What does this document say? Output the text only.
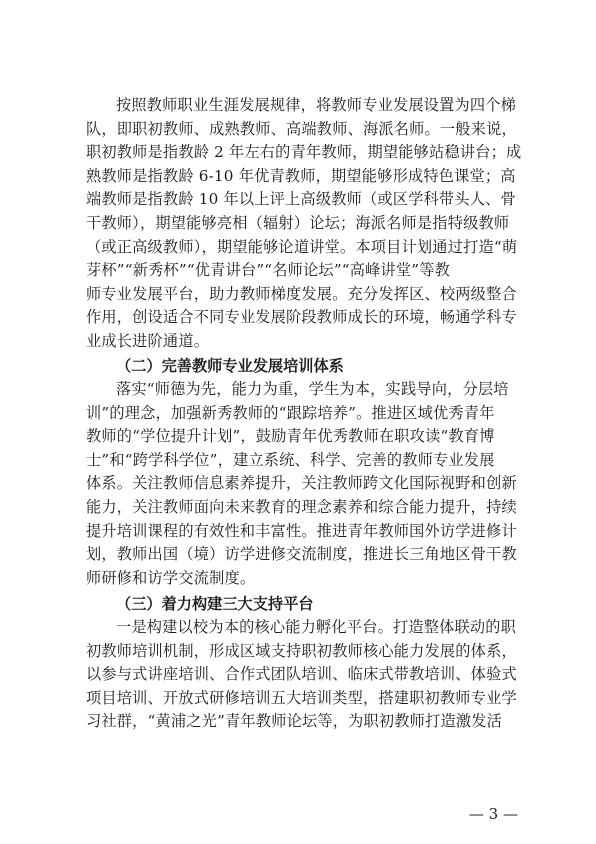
按照教师职业生涯发展规律，将教师专业发展设置为四个梯
队，即职初教师、成熟教师、高端教师、海派名师。一般来说，
职初教师是指教龄 2 年左右的青年教师，期望能够站稳讲台；成
熟教师是指教龄 6-10 年优青教师，期望能够形成特色课堂；高
端教师是指教龄 10 年以上评上高级教师（或区学科带头人、骨
干教师），期望能够亮相（辐射）论坛；海派名师是指特级教师
（或正高级教师），期望能够论道讲堂。本项目计划通过打造“萌
芽杯”“新秀杯”“优青讲台”“名师论坛”“高峰讲堂”等教
师专业发展平台，助力教师梯度发展。充分发挥区、校两级整合
作用，创设适合不同专业发展阶段教师成长的环境，畅通学科专
业成长进阶通道。
（二）完善教师专业发展培训体系
落实“师德为先，能力为重，学生为本，实践导向，分层培
训”的理念，加强新秀教师的“跟踪培养”。推进区域优秀青年
教师的“学位提升计划”，鼓励青年优秀教师在职攻读“教育博
士”和“跨学科学位”，建立系统、科学、完善的教师专业发展
体系。关注教师信息素养提升，关注教师跨文化国际视野和创新
能力，关注教师面向未来教育的理念素养和综合能力提升，持续
提升培训课程的有效性和丰富性。推进青年教师国外访学进修计
划，教师出国（境）访学进修交流制度，推进长三角地区骨干教
师研修和访学交流制度。
（三）着力构建三大支持平台
一是构建以校为本的核心能力孵化平台。打造整体联动的职
初教师培训机制，形成区域支持职初教师核心能力发展的体系，
以参与式讲座培训、合作式团队培训、临床式带教培训、体验式
项目培训、开放式研修培训五大培训类型，搭建职初教师专业学
习社群，“黄浦之光”青年教师论坛等，为职初教师打造激发活
— 3 —
